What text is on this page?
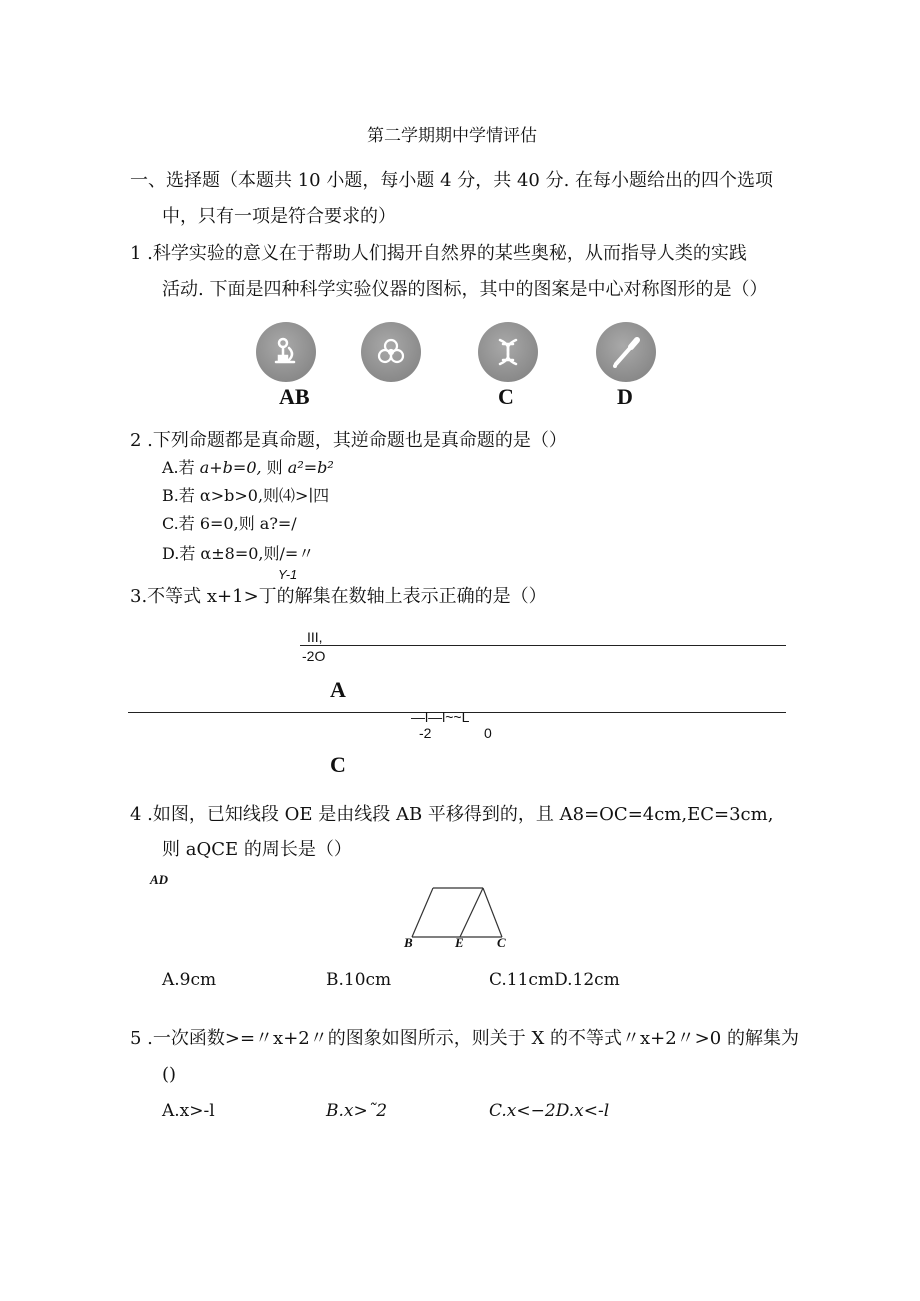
第二学期期中学情评估
一、选择题（本题共 10 小题，每小题 4 分，共 40 分. 在每小题给出的四个选项
中，只有一项是符合要求的）
1 .科学实验的意义在于帮助人们揭开自然界的某些奥秘，从而指导人类的实践
活动. 下面是四种科学实验仪器的图标，其中的图案是中心对称图形的是（）
AB	C	D
2 .下列命题都是真命题，其逆命题也是真命题的是（）
A.若 a+b=0, 则 a²=b²
B.若 α>b>0,则⑷>∣四
C.若 6=0,则 a?=/
D.若 α±8=0,则/=〃
Y-1
3.不等式 x+1>丁的解集在数轴上表示正确的是（）
III,
-2O
A
—l—l~~L
-2	0
C
4 .如图，已知线段 OE 是由线段 AB 平移得到的，且 A8=OC=4cm,EC=3cm,
则 aQCE 的周长是（）
AD
B	E	C
A.9cm	B.10cm	C.11cmD.12cm
5 .一次函数>=〃x+2〃的图象如图所示，则关于 X 的不等式〃x+2〃>0 的解集为
()
A.x>-l	B.x>˜2	C.x<−2D.x<-l
